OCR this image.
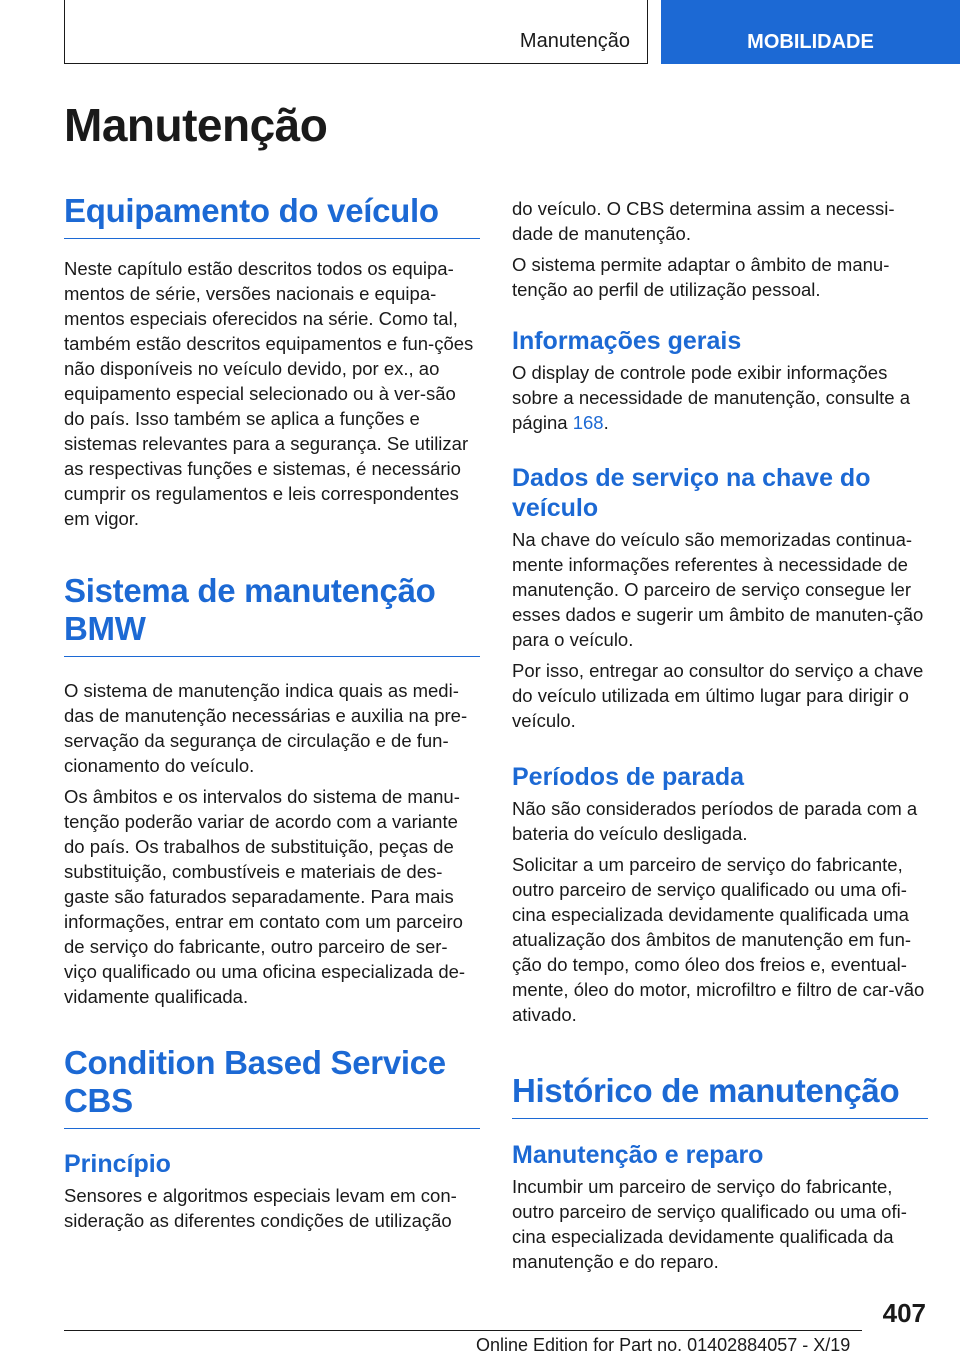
Manutenção	MOBILIDADE
Manutenção
Equipamento do veículo

Neste capítulo estão descritos todos os equipa-mentos de série, versões nacionais e equipa-mentos especiais oferecidos na série. Como tal, também estão descritos equipamentos e fun-ções não disponíveis no veículo devido, por ex., ao equipamento especial selecionado ou à ver-são do país. Isso também se aplica a funções e sistemas relevantes para a segurança. Se utilizar as respectivas funções e sistemas, é necessário cumprir os regulamentos e leis correspondentes em vigor.

Sistema de manutenção BMW

O sistema de manutenção indica quais as medi-das de manutenção necessárias e auxilia na pre-servação da segurança de circulação e de fun-cionamento do veículo.

Os âmbitos e os intervalos do sistema de manu-tenção poderão variar de acordo com a variante do país. Os trabalhos de substituição, peças de substituição, combustíveis e materiais de des-gaste são faturados separadamente. Para mais informações, entrar em contato com um parceiro de serviço do fabricante, outro parceiro de ser-viço qualificado ou uma oficina especializada de-vidamente qualificada.

Condition Based Service CBS
Princípio

Sensores e algoritmos especiais levam em con-sideração as diferentes condições de utilização

do veículo. O CBS determina assim a necessi-dade de manutenção.

O sistema permite adaptar o âmbito de manu-tenção ao perfil de utilização pessoal.

Informações gerais

O display de controle pode exibir informações sobre a necessidade de manutenção, consulte a página 168.

Dados de serviço na chave do veículo

Na chave do veículo são memorizadas continua-mente informações referentes à necessidade de manutenção. O parceiro de serviço consegue ler esses dados e sugerir um âmbito de manuten-ção para o veículo.

Por isso, entregar ao consultor do serviço a chave do veículo utilizada em último lugar para dirigir o veículo.

Períodos de parada

Não são considerados períodos de parada com a bateria do veículo desligada.

Solicitar a um parceiro de serviço do fabricante, outro parceiro de serviço qualificado ou uma ofi-cina especializada devidamente qualificada uma atualização dos âmbitos de manutenção em fun-ção do tempo, como óleo dos freios e, eventual-mente, óleo do motor, microfiltro e filtro de car-vão ativado.

Histórico de manutenção
Manutenção e reparo

Incumbir um parceiro de serviço do fabricante, outro parceiro de serviço qualificado ou uma ofi-cina especializada devidamente qualificada da manutenção e do reparo.

407
Online Edition for Part no. 01402884057 - X/19
